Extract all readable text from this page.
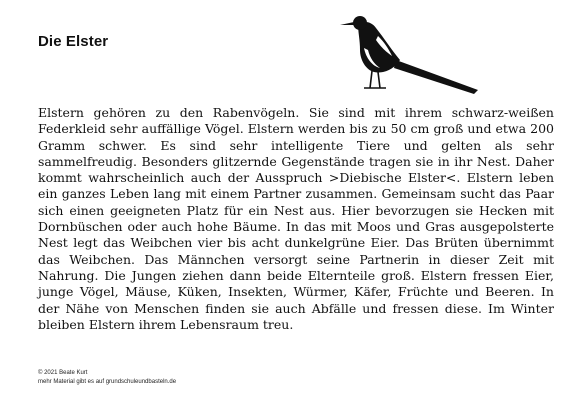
Die Elster

Elstern gehören zu den Rabenvögeln. Sie sind mit ihrem schwarz-weißen Federkleid sehr auffällige Vögel. Elstern werden bis zu 50 cm groß und etwa 200 Gramm schwer. Es sind sehr intelligente Tiere und gelten als sehr sammelfreudig. Besonders glitzernde Gegenstände tragen sie in ihr Nest. Daher kommt wahrscheinlich auch der Ausspruch >Diebische Elster<. Elstern leben ein ganzes Leben lang mit einem Partner zusammen. Gemeinsam sucht das Paar sich einen geeigneten Platz für ein Nest aus. Hier bevorzugen sie Hecken mit Dornbüschen oder auch hohe Bäume. In das mit Moos und Gras ausgepolsterte Nest legt das Weibchen vier bis acht dunkelgrüne Eier. Das Brüten übernimmt das Weibchen. Das Männchen versorgt seine Partnerin in dieser Zeit mit Nahrung. Die Jungen ziehen dann beide Elternteile groß. Elstern fressen Eier, junge Vögel, Mäuse, Küken, Insekten, Würmer, Käfer, Früchte und Beeren. In der Nähe von Menschen finden sie auch Abfälle und fressen diese. Im Winter bleiben Elstern ihrem Lebensraum treu.

© 2021 Beate Kurt
mehr Material gibt es auf grundschuleundbasteln.de
